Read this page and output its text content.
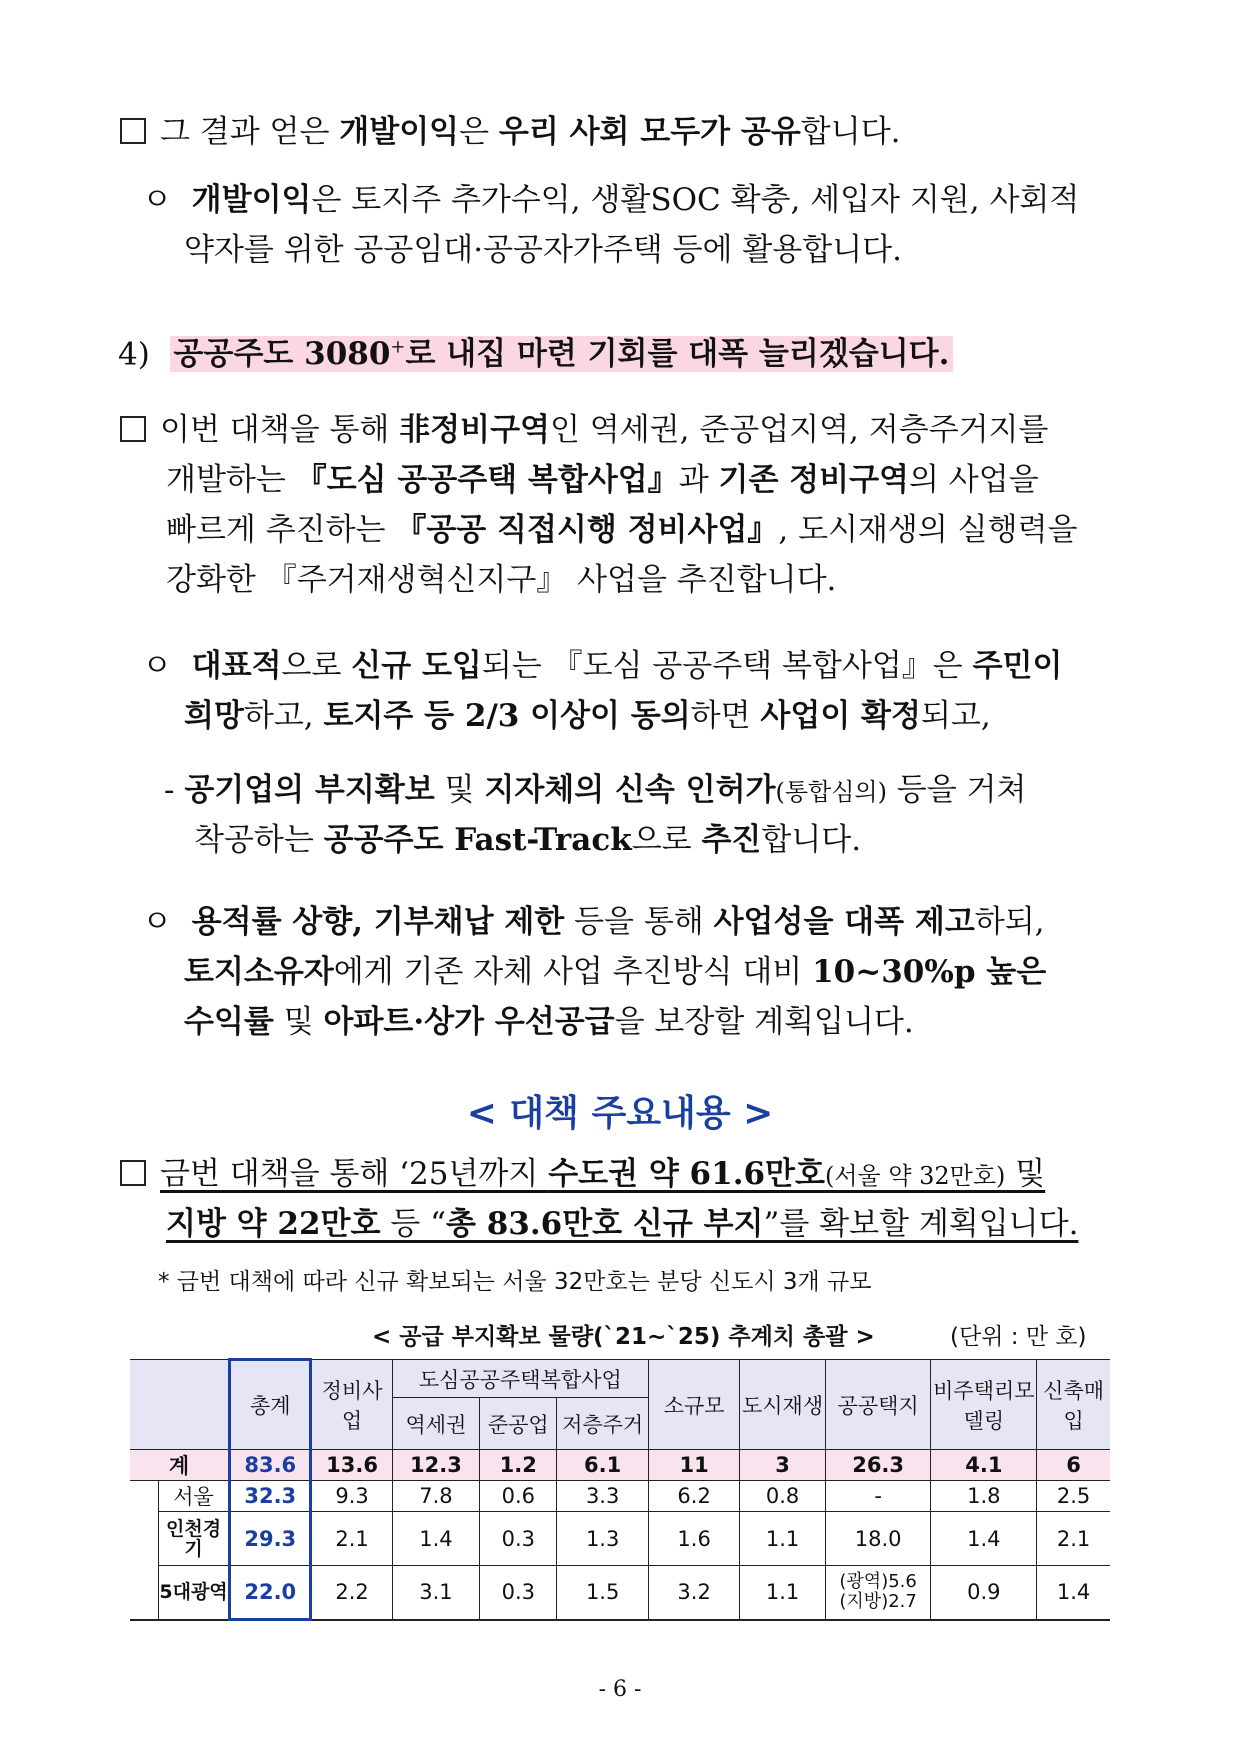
그 결과 얻은 개발이익은 우리 사회 모두가 공유합니다.
ㅇ 개발이익은 토지주 추가수익, 생활SOC 확충, 세입자 지원, 사회적
약자를 위한 공공임대·공공자가주택 등에 활용합니다.
4) 공공주도 3080+로 내집 마련 기회를 대폭 늘리겠습니다.
이번 대책을 통해 非정비구역인 역세권, 준공업지역, 저층주거지를
개발하는 『도심 공공주택 복합사업』과 기존 정비구역의 사업을
빠르게 추진하는 『공공 직접시행 정비사업』, 도시재생의 실행력을
강화한 『주거재생혁신지구』 사업을 추진합니다.
ㅇ 대표적으로 신규 도입되는 『도심 공공주택 복합사업』은 주민이
희망하고, 토지주 등 2/3 이상이 동의하면 사업이 확정되고,
- 공기업의 부지확보 및 지자체의 신속 인허가(통합심의) 등을 거쳐
착공하는 공공주도 Fast-Track으로 추진합니다.
ㅇ 용적률 상향, 기부채납 제한 등을 통해 사업성을 대폭 제고하되,
토지소유자에게 기존 자체 사업 추진방식 대비 10~30%p 높은
수익률 및 아파트·상가 우선공급을 보장할 계획입니다.
< 대책 주요내용 >
금번 대책을 통해 ‘25년까지 수도권 약 61.6만호(서울 약 32만호) 및
지방 약 22만호 등 “총 83.6만호 신규 부지”를 확보할 계획입니다.
* 금번 대책에 따라 신규 확보되는 서울 32만호는 분당 신도시 3개 규모
< 공급 부지확보 물량(`21~`25) 추계치 총괄 >	(단위 : 만 호)
		총계	정비사업	도심공공주택복합사업			소규모	도시재생	공공택지	비주택리모델링	신축매입
				역세권	준공업	저층주거					
계		83.6	13.6	12.3	1.2	6.1	11	3	26.3	4.1	6
	서울	32.3	9.3	7.8	0.6	3.3	6.2	0.8	-	1.8	2.5
	인천경기	29.3	2.1	1.4	0.3	1.3	1.6	1.1	18.0	1.4	2.1
	5대광역	22.0	2.2	3.1	0.3	1.5	3.2	1.1	(광역)5.6 (지방)2.7	0.9	1.4
- 6 -
